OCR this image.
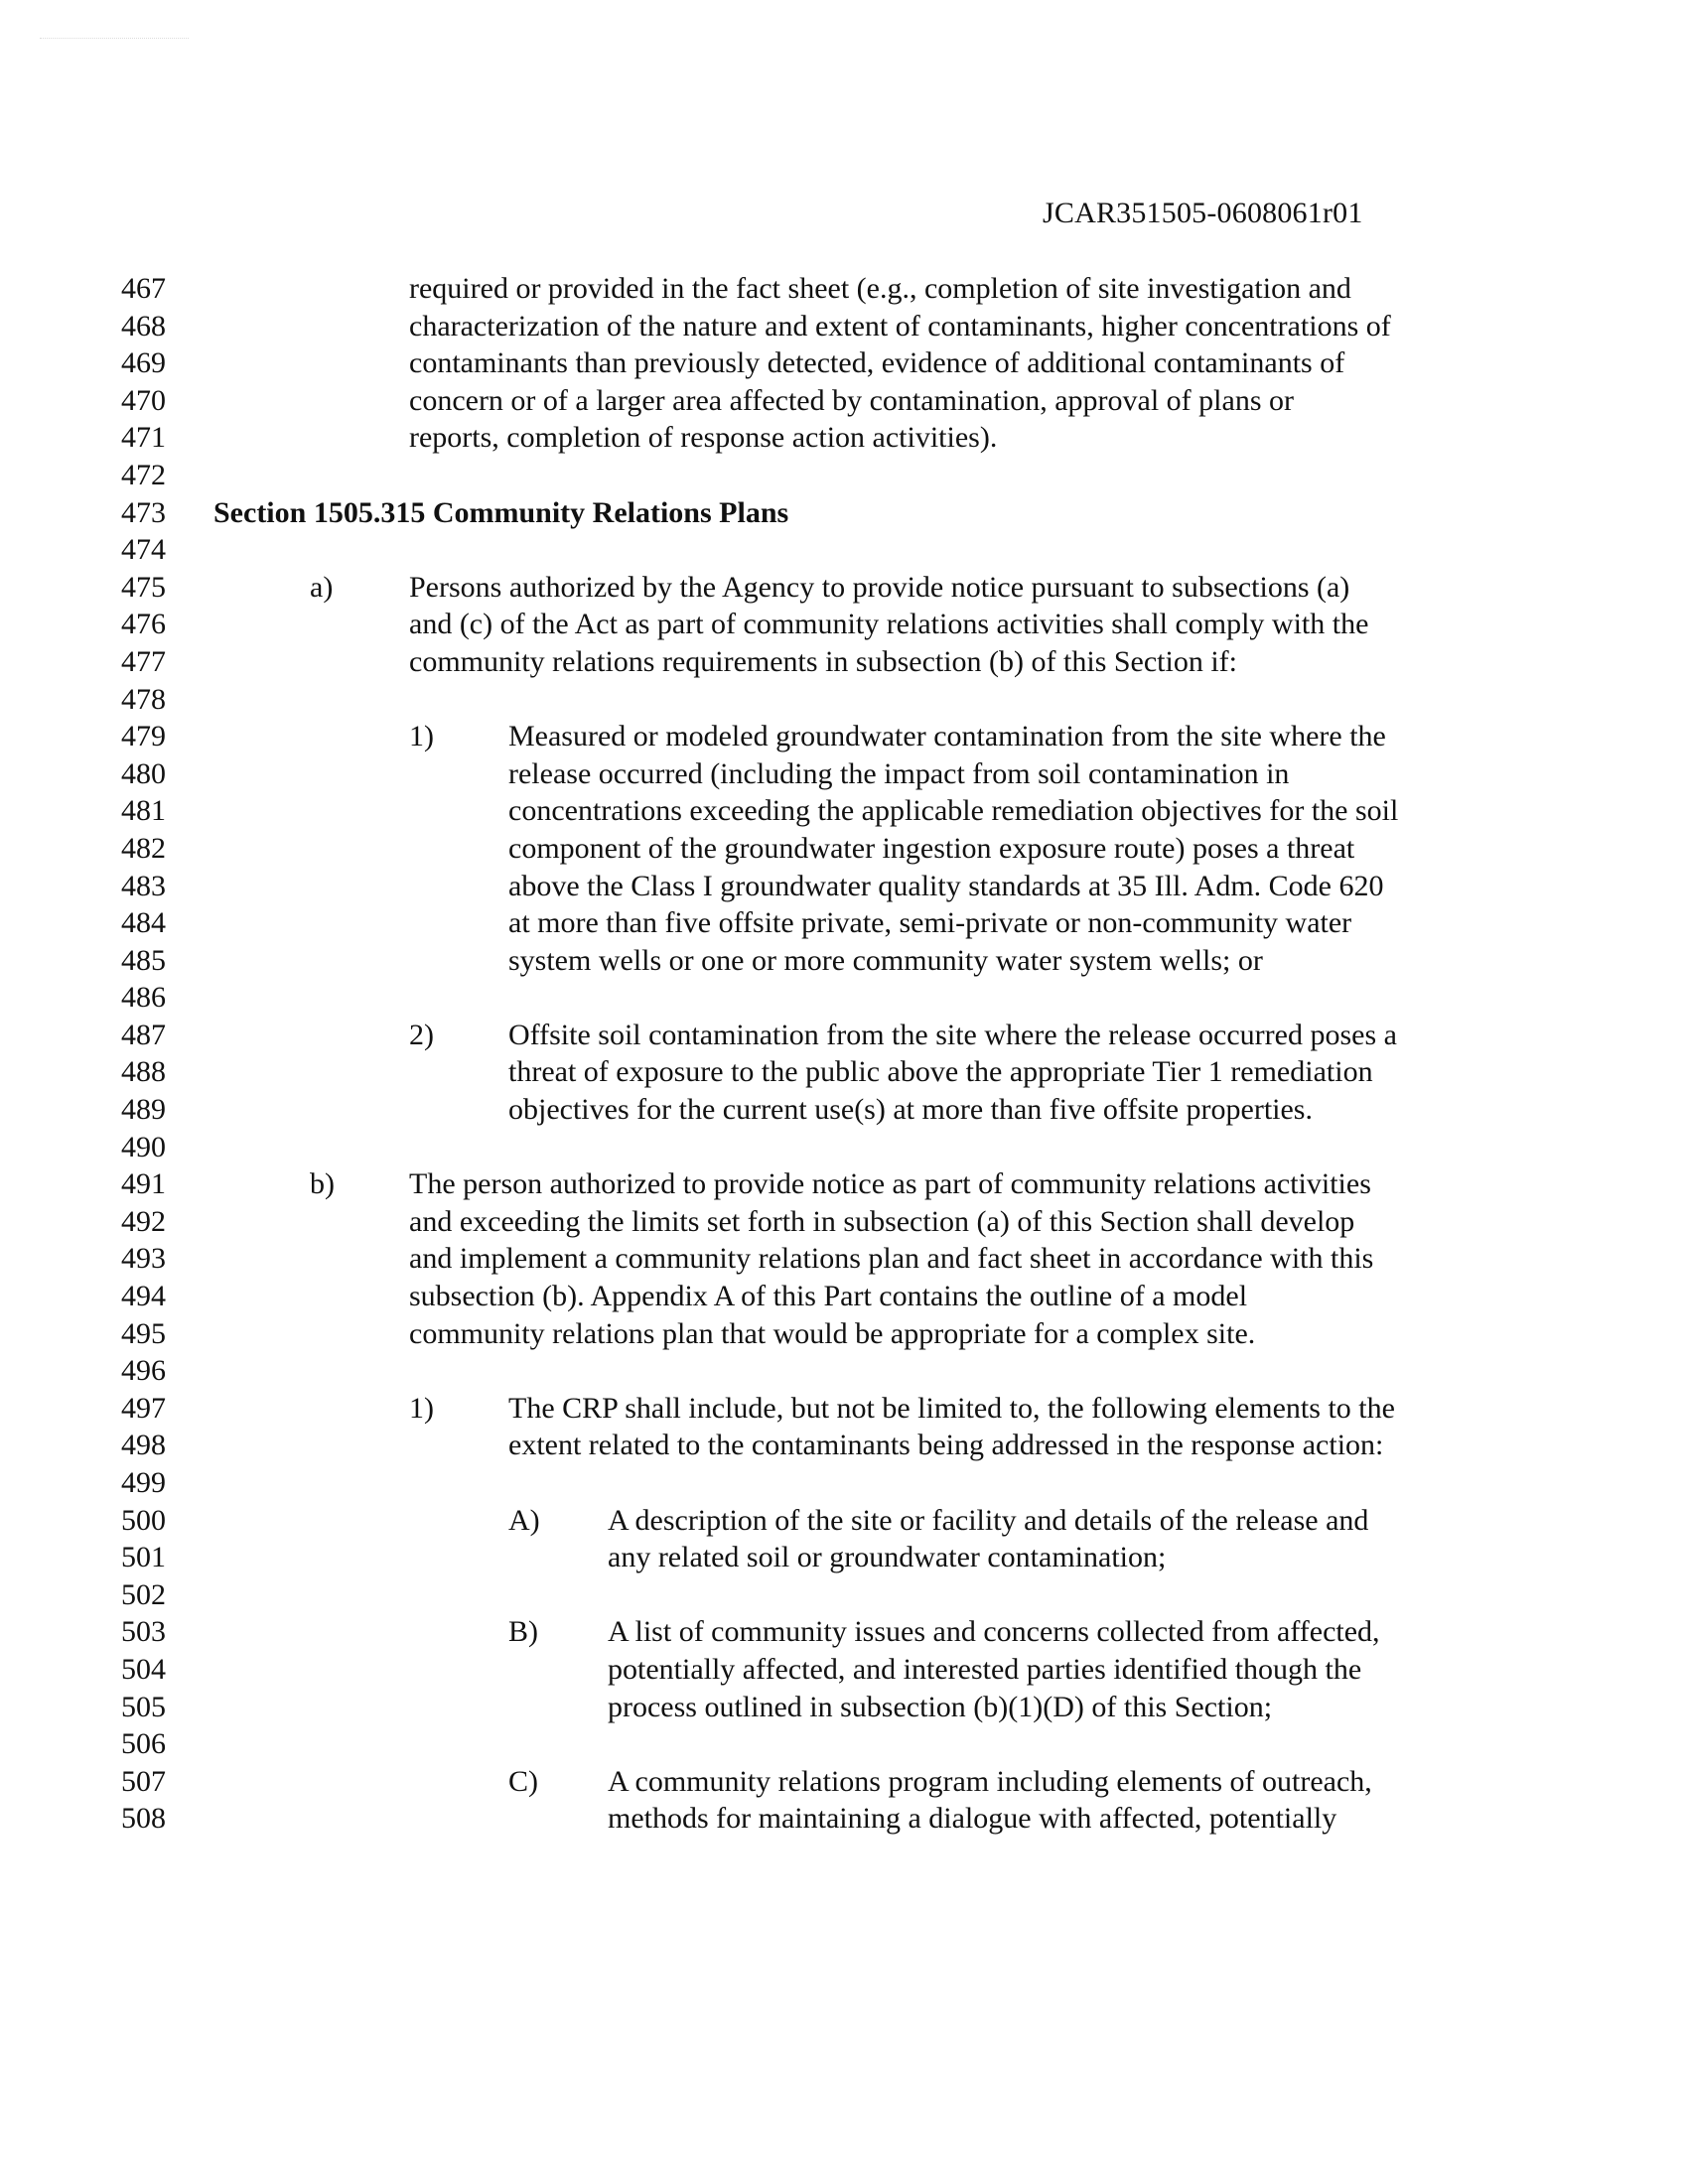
JCAR351505-0608061r01
467	required or provided in the fact sheet (e.g., completion of site investigation and
468	characterization of the nature and extent of contaminants, higher concentrations of
469	contaminants than previously detected, evidence of additional contaminants of
470	concern or of a larger area affected by contamination, approval of plans or
471	reports, completion of response action activities).
472
473	Section 1505.315 Community Relations Plans
474
475	a)	Persons authorized by the Agency to provide notice pursuant to subsections (a)
476	and (c) of the Act as part of community relations activities shall comply with the
477	community relations requirements in subsection (b) of this Section if:
478
479	1)	Measured or modeled groundwater contamination from the site where the
480	release occurred (including the impact from soil contamination in
481	concentrations exceeding the applicable remediation objectives for the soil
482	component of the groundwater ingestion exposure route) poses a threat
483	above the Class I groundwater quality standards at 35 Ill. Adm. Code 620
484	at more than five offsite private, semi-private or non-community water
485	system wells or one or more community water system wells; or
486
487	2)	Offsite soil contamination from the site where the release occurred poses a
488	threat of exposure to the public above the appropriate Tier 1 remediation
489	objectives for the current use(s) at more than five offsite properties.
490
491	b)	The person authorized to provide notice as part of community relations activities
492	and exceeding the limits set forth in subsection (a) of this Section shall develop
493	and implement a community relations plan and fact sheet in accordance with this
494	subsection (b). Appendix A of this Part contains the outline of a model
495	community relations plan that would be appropriate for a complex site.
496
497	1)	The CRP shall include, but not be limited to, the following elements to the
498	extent related to the contaminants being addressed in the response action:
499
500	A) A description of the site or facility and details of the release and
501	any related soil or groundwater contamination;
502
503	B) A list of community issues and concerns collected from affected,
504	potentially affected, and interested parties identified though the
505	process outlined in subsection (b)(1)(D) of this Section;
506
507	C) A community relations program including elements of outreach,
508	methods for maintaining a dialogue with affected, potentially
